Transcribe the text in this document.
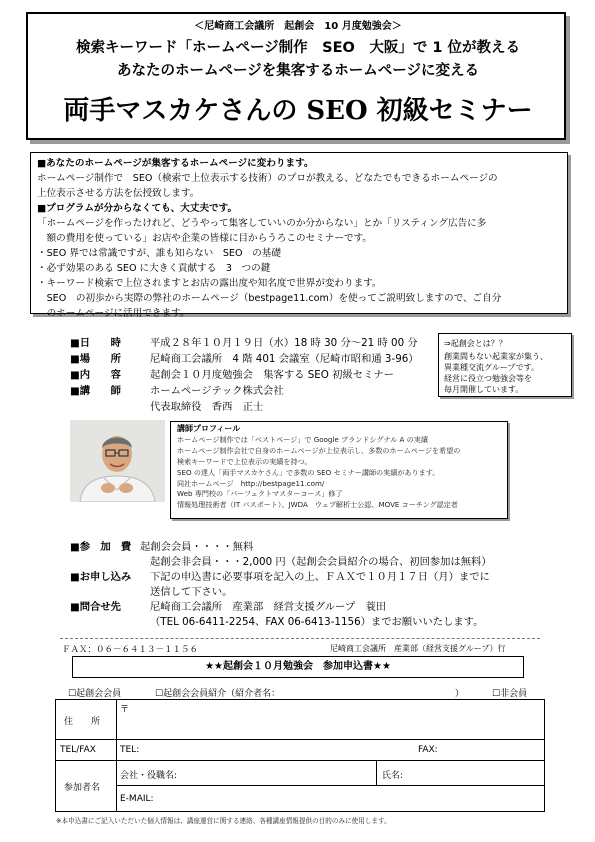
＜尼崎商工会議所　起創会　10 月度勉強会＞
検索キーワード「ホームページ制作　SEO　大阪」で 1 位が教える
あなたのホームページを集客するホームページに変える
両手マスカケさんの SEO 初級セミナー

■あなたのホームページが集客するホームページに変わります。

ホームページ制作で　SEO（検索で上位表示する技術）のプロが教える、どなたでもできるホームページの

上位表示させる方法を伝授致します。

■プログラムが分からなくても、大丈夫です。

「ホームページを作ったけれど、どうやって集客していいのか分からない」とか「リスティング広告に多

　額の費用を使っている」お店や企業の皆様に目からうろこのセミナーです。

・SEO 界では常識ですが、誰も知らない　SEO　の基礎

・必ず効果のある SEO に大きく貢献する　3　つの鍵

・キーワード検索で上位されますとお店の露出度や知名度で世界が変わります。

　SEO　の初歩から実際の弊社のホームページ（bestpage11.com）を使ってご説明致しますので、ご自分

　のホームページに活用できます。

■日　　時	平成２８年１０月１９日（水）18 時 30 分～21 時 00 分
■場　　所	尼崎商工会議所　4 階 401 会議室（尼崎市昭和通 3-96）
■内　　容	起創会１０月度勉強会　集客する SEO 初級セミナー
■講　　師	ホームページテック株式会社
代表取締役　香西　正士
⇒起創会とは？？
創業間もない起業家が集う、
異業種交流グループです。
経営に役立つ勉強会等を
毎月開催しています。
講師プロフィール
ホームページ制作では「ベストページ」で Google ブランドシグナル A の実績
ホームページ制作会社で自身のホームページが上位表示し、多数のホームページを希望の
検索キーワードで上位表示の実績を持つ。
SEO の達人「両手マスカケさん」で多数の SEO セミナー講師の実績があります。
同社ホームページ　http://bestpage11.com/
Web 専門校の「パーフェクトマスターコース」修了
情報処理技術者（IT パスポート）、JWDA　ウェブ解析士公認、MOVE コーチング認定者
■参　加　費 起創会会員・・・・無料
起創会非会員・・・2,000 円（起創会会員紹介の場合、初回参加は無料）
■お申し込み 下記の申込書に必要事項を記入の上、ＦＡＸで１０月１７日（月）までに
送信して下さい。
■問合せ先	尼崎商工会議所　産業部　経営支援グループ　蓑田
（TEL 06-6411-2254、FAX 06-6413-1156）までお願いいたします。
ＦＡＸ：０６－６４１３－１１５６	尼崎商工会議所　産業部（経営支援グループ）行
★★起創会１０月勉強会　参加申込書★★
☐起創会会員	☐起創会会員紹介（紹介者名：	）	☐非会員
住　　所
〒
TEL/FAX	TEL:	FAX:
参加者名
会社・役職名:	氏名:
E-MAIL:
※本申込書にご記入いただいた個人情報は、講座運営に関する連絡、各種講座情報提供の目的のみに使用します。
